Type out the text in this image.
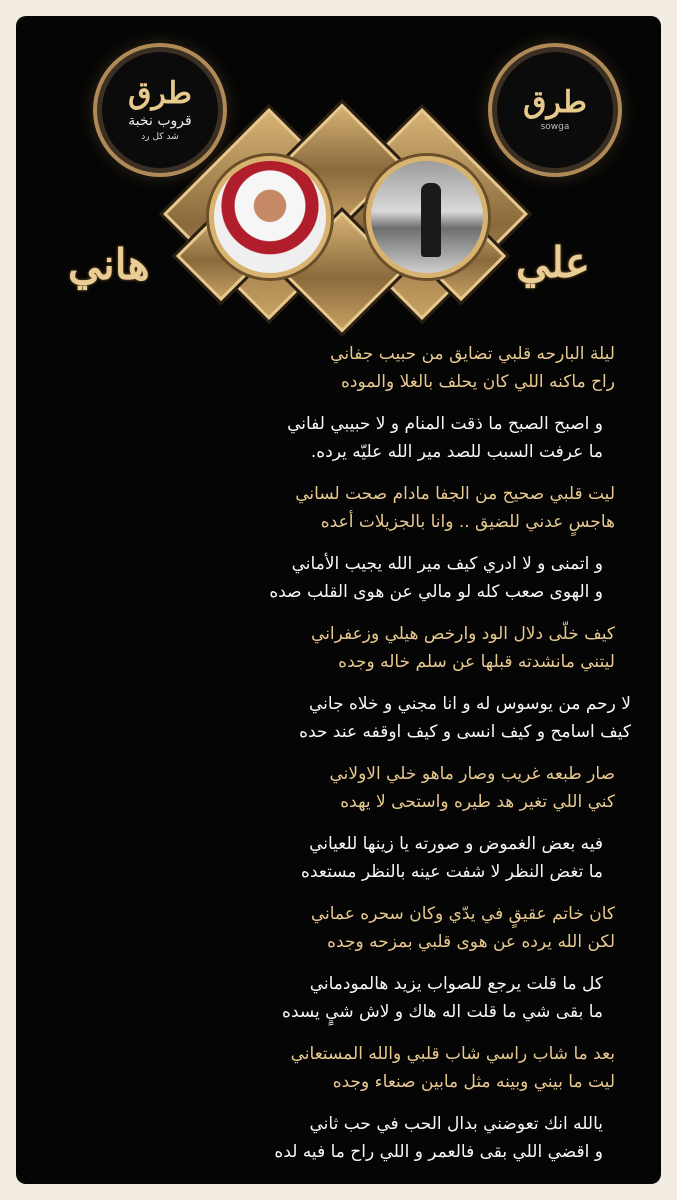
طرق
قروب نخبة
شد كل رد
طرق
sowga
هاني	علي
ليلة البارحه قلبي تضايق من حبيب جفاني
راح ماكنه اللي كان يحلف بالغلا والموده
و اصبح الصبح ما ذقت المنام و لا حبيبي لفاني
ما عرفت السبب للصد مير الله عليّه يرده.
ليت قلبي صحيح من الجفا مادام صحت لساني
هاجسٍ عدني للضيق .. وانا بالجزيلات أعده
و اتمنى و لا ادري كيف مير الله يجيب الأماني
و الهوى صعب كله لو مالي عن هوى القلب صده
كيف خلّى دلال الود وارخص هيلي وزعفراني
ليتني مانشدته قبلها عن سلم خاله وجده
لا رحم من يوسوس له و انا مجني و خلاه جاني
كيف اسامح و كيف انسى و كيف اوقفه عند حده
صار طبعه غريب وصار ماهو خلي الاولاني
كني اللي تغير هد طيره واستحى لا يهده
فيه بعض الغموض و صورته يا زينها للعياني
ما تغض النظر لا شفت عينه بالنظر مستعده
كان خاتم عقيقٍ في يدّي وكان سحره عماني
لكن الله يرده عن هوى قلبي بمزحه وجده
كل ما قلت يرجع للصواب يزيد هالمودماني
ما بقى شي ما قلت اله هاك و لاش شيٍ يسده
بعد ما شاب راسي شاب قلبي والله المستعاني
ليت ما بيني وبينه مثل مابين صنعاء وجده
يالله انك تعوضني بدال الحب في حب ثاني
و اقضي اللي بقى فالعمر و اللي راح ما فيه لده
